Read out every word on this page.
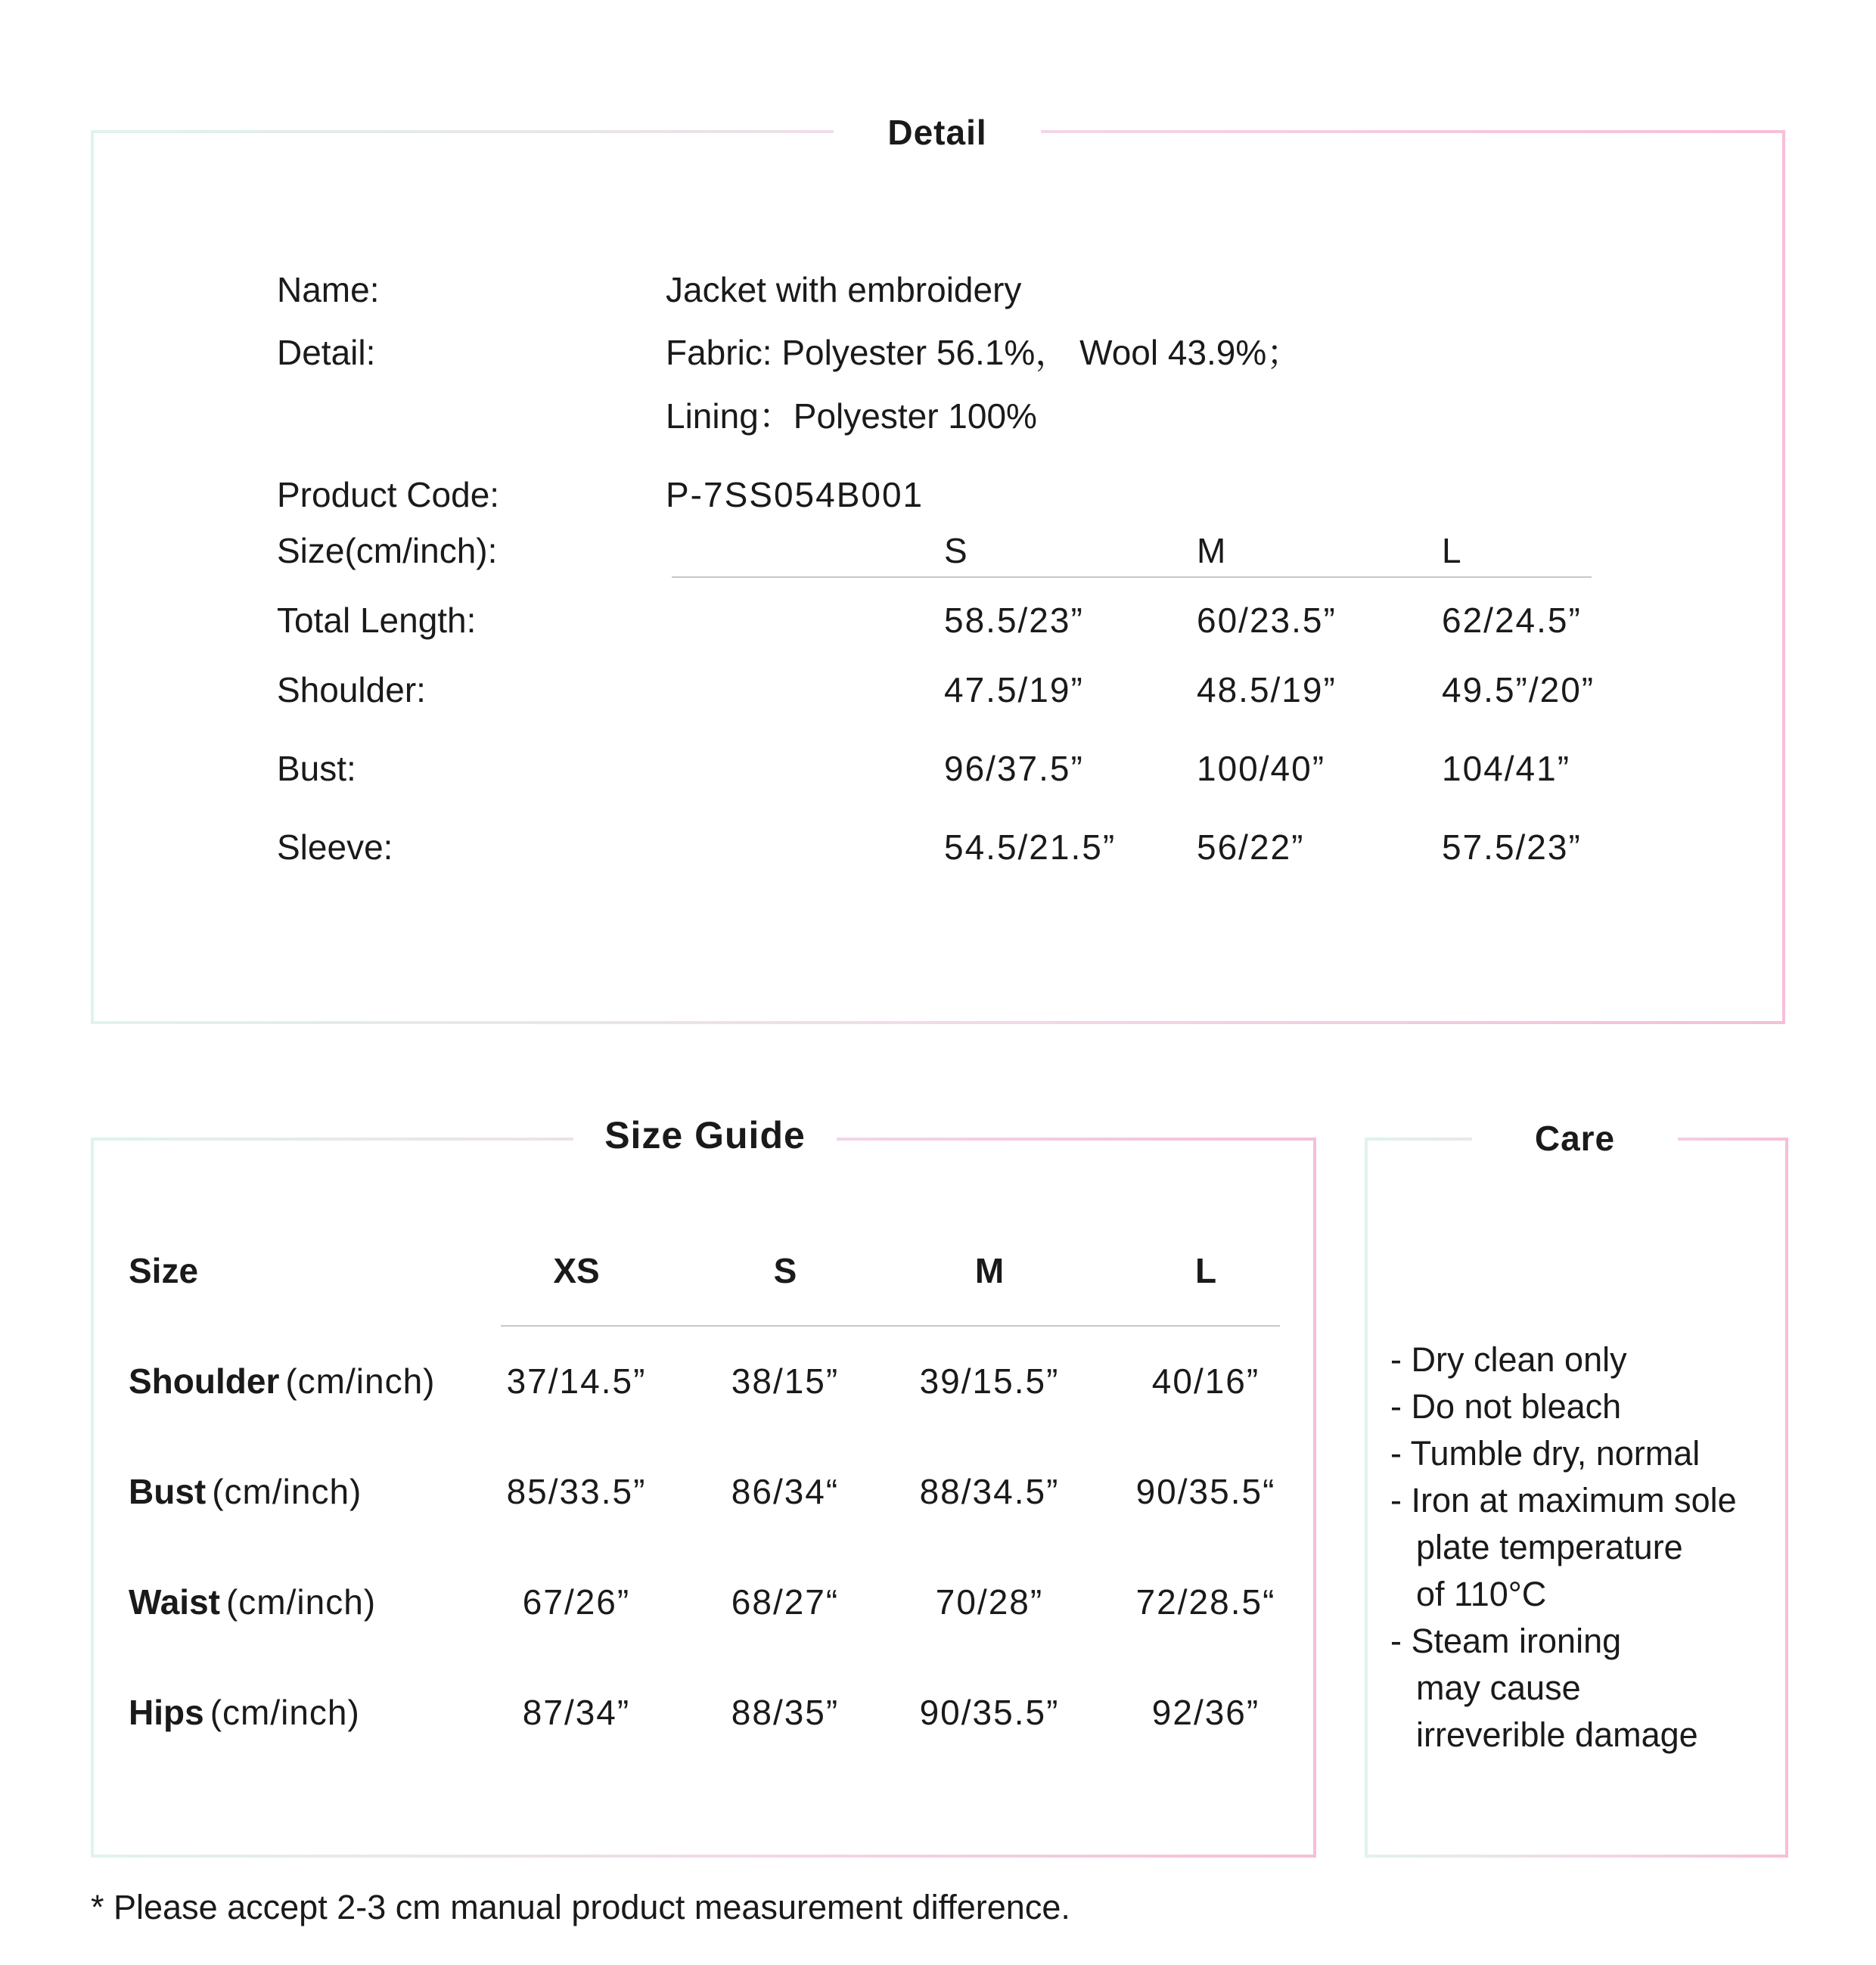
Detail
Name:	Jacket with embroidery
Detail:	Fabric: Polyester 56.1%， Wool 43.9%；
Lining：Polyester 100%
Product Code:	P-7SS054B001
Size(cm/inch):	S	M	L
Total Length:	58.5/23”	60/23.5”	62/24.5”
Shoulder:	47.5/19”	48.5/19”	49.5”/20”
Bust:	96/37.5”	100/40”	104/41”
Sleeve:	54.5/21.5” 56/22”	57.5/23”
Size Guide
Size	XS	S	M	L
Shoulder (cm/inch) 37/14.5” 38/15” 39/15.5”	40/16”
Bust (cm/inch)	85/33.5” 86/34“ 88/34.5” 90/35.5“
Waist (cm/inch)	67/26”	68/27“	70/28”	72/28.5“
Hips (cm/inch)	87/34”	88/35” 90/35.5”	92/36”
Care
- Dry clean only
- Do not bleach
- Tumble dry, normal
- Iron at maximum sole
plate temperature
of 110°C
- Steam ironing
may cause
irreverible damage
* Please accept 2-3 cm manual product measurement difference.
